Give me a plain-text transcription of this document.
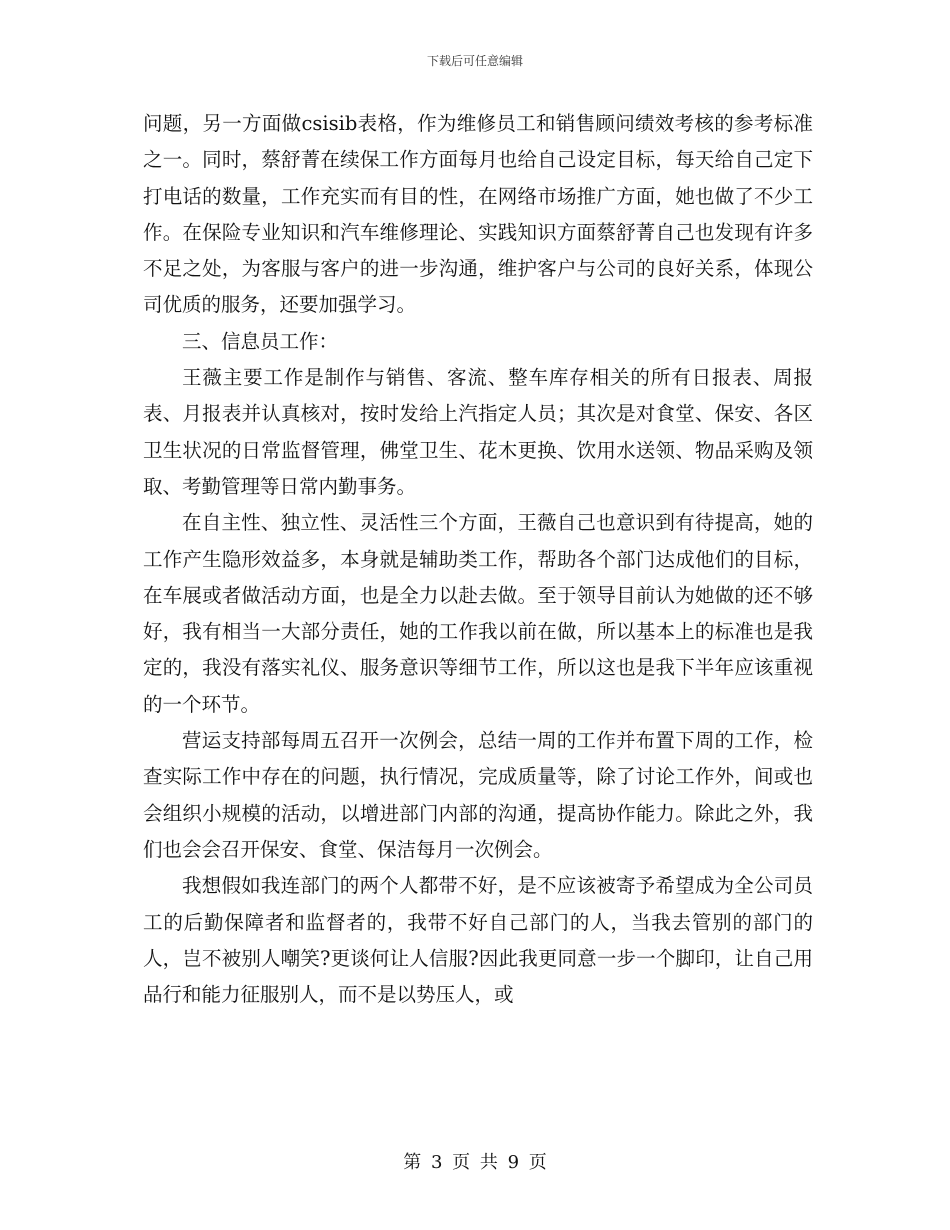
下载后可任意编辑

问题，另一方面做csisib表格，作为维修员工和销售顾问绩效考核的参考标准之一。同时，蔡舒菁在续保工作方面每月也给自己设定目标，每天给自己定下打电话的数量，工作充实而有目的性，在网络市场推广方面，她也做了不少工作。在保险专业知识和汽车维修理论、实践知识方面蔡舒菁自己也发现有许多不足之处，为客服与客户的进一步沟通，维护客户与公司的良好关系，体现公司优质的服务，还要加强学习。

三、信息员工作：

王薇主要工作是制作与销售、客流、整车库存相关的所有日报表、周报表、月报表并认真核对，按时发给上汽指定人员；其次是对食堂、保安、各区卫生状况的日常监督管理，佛堂卫生、花木更换、饮用水送领、物品采购及领取、考勤管理等日常内勤事务。

在自主性、独立性、灵活性三个方面，王薇自己也意识到有待提高，她的工作产生隐形效益多，本身就是辅助类工作，帮助各个部门达成他们的目标，在车展或者做活动方面，也是全力以赴去做。至于领导目前认为她做的还不够好，我有相当一大部分责任，她的工作我以前在做，所以基本上的标准也是我定的，我没有落实礼仪、服务意识等细节工作，所以这也是我下半年应该重视的一个环节。

营运支持部每周五召开一次例会，总结一周的工作并布置下周的工作，检查实际工作中存在的问题，执行情况，完成质量等，除了讨论工作外，间或也会组织小规模的活动，以增进部门内部的沟通，提高协作能力。除此之外，我们也会会召开保安、食堂、保洁每月一次例会。

我想假如我连部门的两个人都带不好，是不应该被寄予希望成为全公司员工的后勤保障者和监督者的，我带不好自己部门的人，当我去管别的部门的人，岂不被别人嘲笑?更谈何让人信服?因此我更同意一步一个脚印，让自己用品行和能力征服别人，而不是以势压人，或

第 3 页 共 9 页
